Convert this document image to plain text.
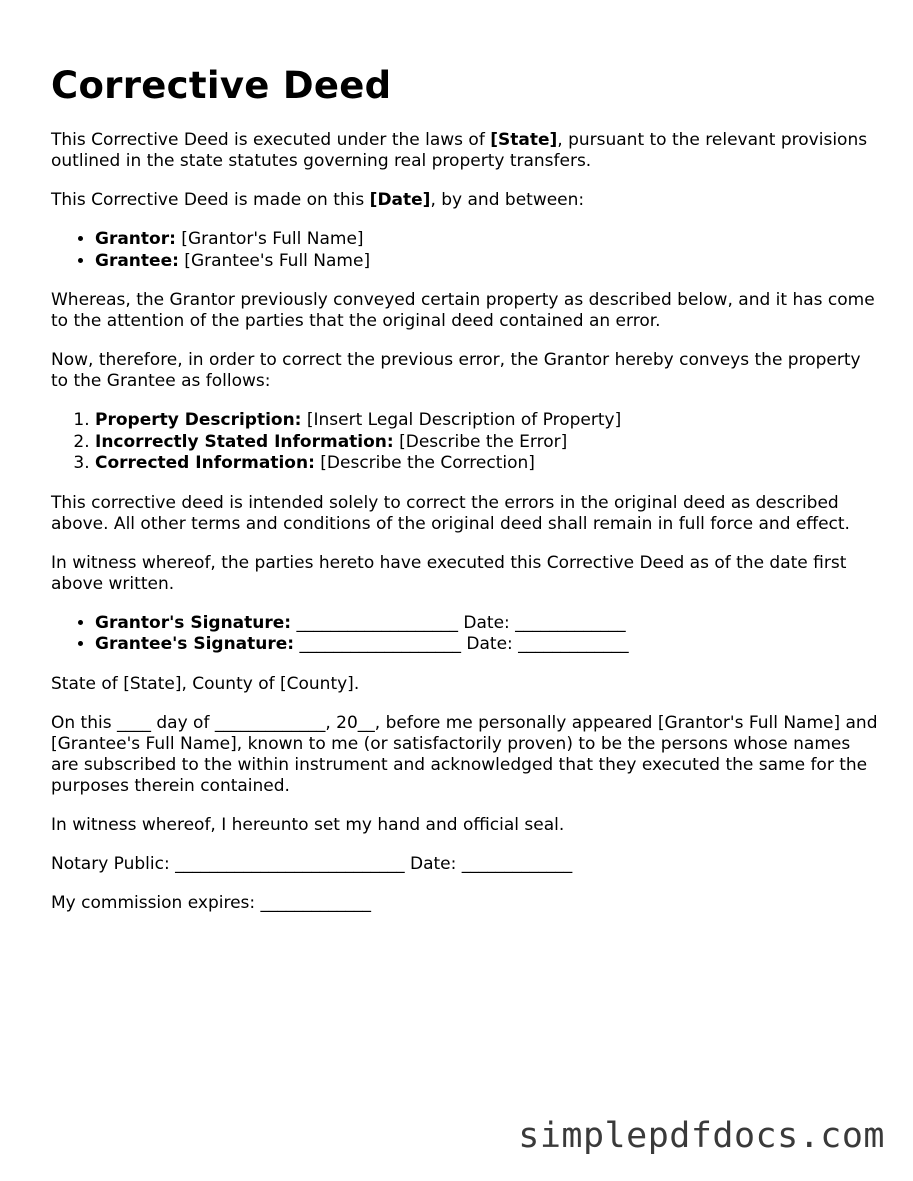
Corrective Deed

This Corrective Deed is executed under the laws of [State], pursuant to the relevant provisions outlined in the state statutes governing real property transfers.

This Corrective Deed is made on this [Date], by and between:

• Grantor: [Grantor's Full Name]
• Grantee: [Grantee's Full Name]

Whereas, the Grantor previously conveyed certain property as described below, and it has come to the attention of the parties that the original deed contained an error.

Now, therefore, in order to correct the previous error, the Grantor hereby conveys the property to the Grantee as follows:

1. Property Description: [Insert Legal Description of Property]
2. Incorrectly Stated Information: [Describe the Error]
3. Corrected Information: [Describe the Correction]

This corrective deed is intended solely to correct the errors in the original deed as described above. All other terms and conditions of the original deed shall remain in full force and effect.

In witness whereof, the parties hereto have executed this Corrective Deed as of the date first above written.

• Grantor's Signature: ___________________ Date: _____________
• Grantee's Signature: ___________________ Date: _____________

State of [State], County of [County].

On this ____ day of _____________, 20__, before me personally appeared [Grantor's Full Name] and [Grantee's Full Name], known to me (or satisfactorily proven) to be the persons whose names are subscribed to the within instrument and acknowledged that they executed the same for the purposes therein contained.

In witness whereof, I hereunto set my hand and official seal.

Notary Public: ___________________________ Date: _____________

My commission expires: _____________

simplepdfdocs.com
